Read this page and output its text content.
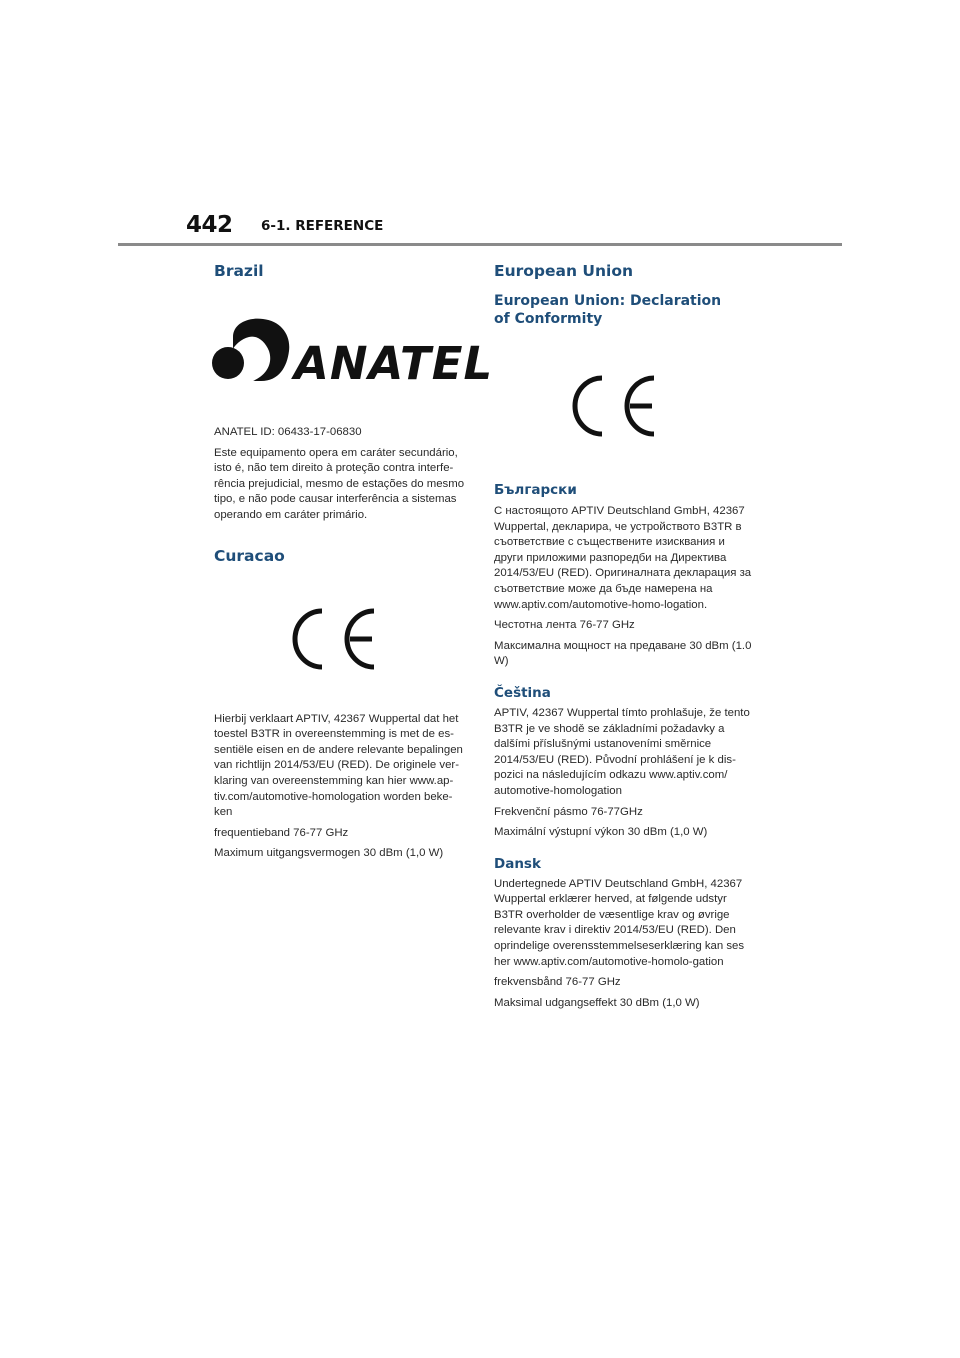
442 6-1. REFERENCE
Brazil
ANATEL

ANATEL ID: 06433-17-06830

Este equipamento opera em caráter secundário, isto é, não tem direito à proteção contra interfe-rência prejudicial, mesmo de estações do mesmo tipo, e não pode causar interferência a sistemas operando em caráter primário.

Curacao

Hierbij verklaart APTIV, 42367 Wuppertal dat het toestel B3TR in overeenstemming is met de es-sentiële eisen en de andere relevante bepalingen van richtlijn 2014/53/EU (RED). De originele ver-klaring van overeenstemming kan hier www.ap-tiv.com/automotive-homologation worden beke-ken

frequentieband 76-77 GHz

Maximum uitgangsvermogen 30 dBm (1,0 W)

European Union
European Union: Declaration of Conformity
Български

С настоящото APTIV Deutschland GmbH, 42367 Wuppertal, декларира, че устройството B3TR в съответствие с съществените изисквания и други приложими разпоредби на Директива 2014/53/EU (RED). Оригиналната декларация за съответствие може да бъде намерена на www.aptiv.com/automotive-homo-logation.

Честотна лента 76-77 GHz

Максимална мощност на предаване 30 dBm (1.0 W)

Čeština

APTIV, 42367 Wuppertal tímto prohlašuje, že tento B3TR je ve shodě se základními požadavky a dalšími příslušnými ustanoveními směrnice 2014/53/EU (RED). Původní prohlášení je k dis-pozici na následujícím odkazu www.aptiv.com/ automotive-homologation

Frekvenční pásmo 76-77GHz

Maximální výstupní výkon 30 dBm (1,0 W)

Dansk

Undertegnede APTIV Deutschland GmbH, 42367 Wuppertal erklærer herved, at følgende udstyr B3TR overholder de væsentlige krav og øvrige relevante krav i direktiv 2014/53/EU (RED). Den oprindelige overensstemmelseserklæring kan ses her www.aptiv.com/automotive-homolo-gation

frekvensbånd 76-77 GHz

Maksimal udgangseffekt 30 dBm (1,0 W)
